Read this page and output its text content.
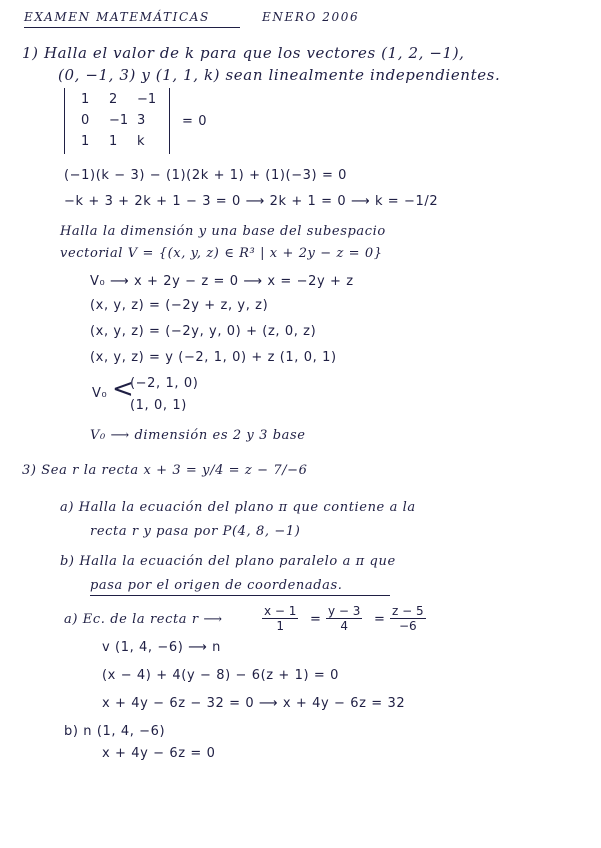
EXAMEN MATEMÁTICAS	ENERO 2006
1) Halla el valor de k para que los vectores (1, 2, −1),
(0, −1, 3) y (1, 1, k) sean linealmente independientes.
1 2 −1
0 −1 3
1 1 k
= 0
(−1)(k − 3) − (1)(2k + 1) + (1)(−3) = 0
−k + 3 + 2k + 1 − 3 = 0 ⟶ 2k + 1 = 0 ⟶ k = −1/2
Halla la dimensión y una base del subespacio
vectorial V = {(x, y, z) ∈ R³ | x + 2y − z = 0}
V₀ ⟶ x + 2y − z = 0 ⟶ x = −2y + z
(x, y, z) = (−2y + z, y, z)
(x, y, z) = (−2y, y, 0) + (z, 0, z)
(x, y, z) = y (−2, 1, 0) + z (1, 0, 1)
V₀ <
(−2, 1, 0)
(1, 0, 1)
V₀ ⟶ dimensión es 2 y 3 base
3) Sea r la recta x + 3 = y/4 = z − 7/−6
a) Halla la ecuación del plano π que contiene a la
recta r y pasa por P(4, 8, −1)
b) Halla la ecuación del plano paralelo a π que
pasa por el origen de coordenadas.
a) Ec. de la recta r ⟶	$\frac{x - 1}{1} = \frac{y - 3}{4} = \frac{z - 5}{-6}$
v (1, 4, −6) ⟶ n
(x − 4) + 4(y − 8) − 6(z + 1) = 0
x + 4y − 6z − 32 = 0 ⟶ x + 4y − 6z = 32
b) n (1, 4, −6)
x + 4y − 6z = 0
